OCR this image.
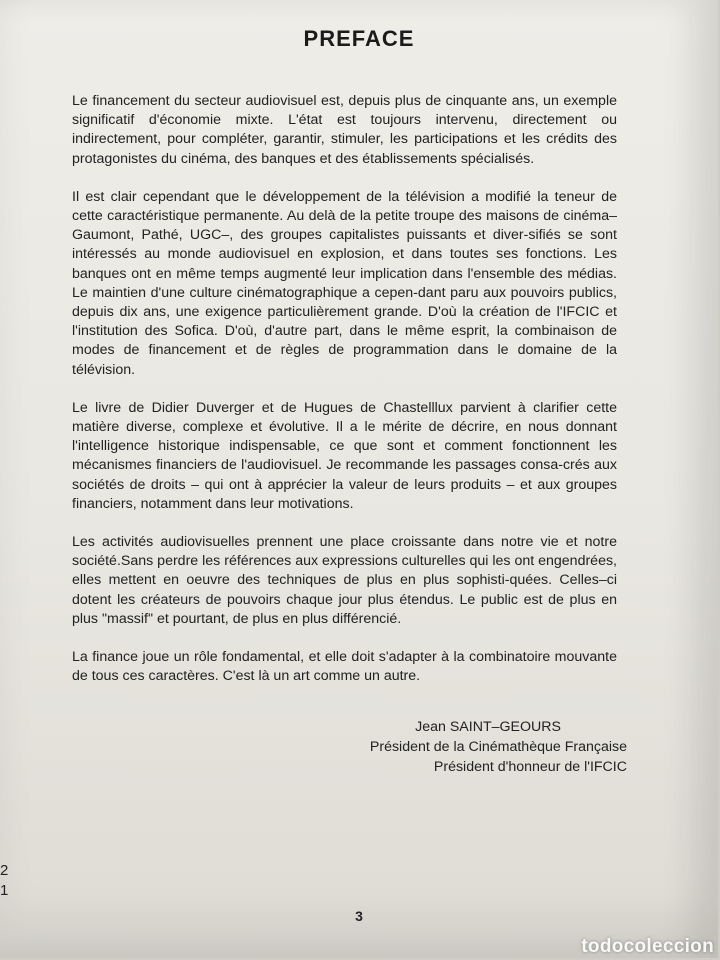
PREFACE

Le financement du secteur audiovisuel est, depuis plus de cinquante ans, un exemple significatif d'économie mixte. L'état est toujours intervenu, directement ou indirectement, pour compléter, garantir, stimuler, les participations et les crédits des protagonistes du cinéma, des banques et des établissements spécialisés.

Il est clair cependant que le développement de la télévision a modifié la teneur de cette caractéristique permanente. Au delà de la petite troupe des maisons de cinéma– Gaumont, Pathé, UGC–, des groupes capitalistes puissants et diver-sifiés se sont intéressés au monde audiovisuel en explosion, et dans toutes ses fonctions. Les banques ont en même temps augmenté leur implication dans l'ensemble des médias. Le maintien d'une culture cinématographique a cepen-dant paru aux pouvoirs publics, depuis dix ans, une exigence particulièrement grande. D'où la création de l'IFCIC et l'institution des Sofica. D'où, d'autre part, dans le même esprit, la combinaison de modes de financement et de règles de programmation dans le domaine de la télévision.

Le livre de Didier Duverger et de Hugues de Chastelllux parvient à clarifier cette matière diverse, complexe et évolutive. Il a le mérite de décrire, en nous donnant l'intelligence historique indispensable, ce que sont et comment fonctionnent les mécanismes financiers de l'audiovisuel. Je recommande les passages consa-crés aux sociétés de droits – qui ont à apprécier la valeur de leurs produits – et aux groupes financiers, notamment dans leur motivations.

Les activités audiovisuelles prennent une place croissante dans notre vie et notre société.Sans perdre les références aux expressions culturelles qui les ont engendrées, elles mettent en oeuvre des techniques de plus en plus sophisti-quées. Celles–ci dotent les créateurs de pouvoirs chaque jour plus étendus. Le public est de plus en plus "massif" et pourtant, de plus en plus différencié.

La finance joue un rôle fondamental, et elle doit s'adapter à la combinatoire mouvante de tous ces caractères. C'est là un art comme un autre.

Jean SAINT–GEOURS
Président de la Cinémathèque Française
Président d'honneur de l'IFCIC
3
2
1
todocoleccion
